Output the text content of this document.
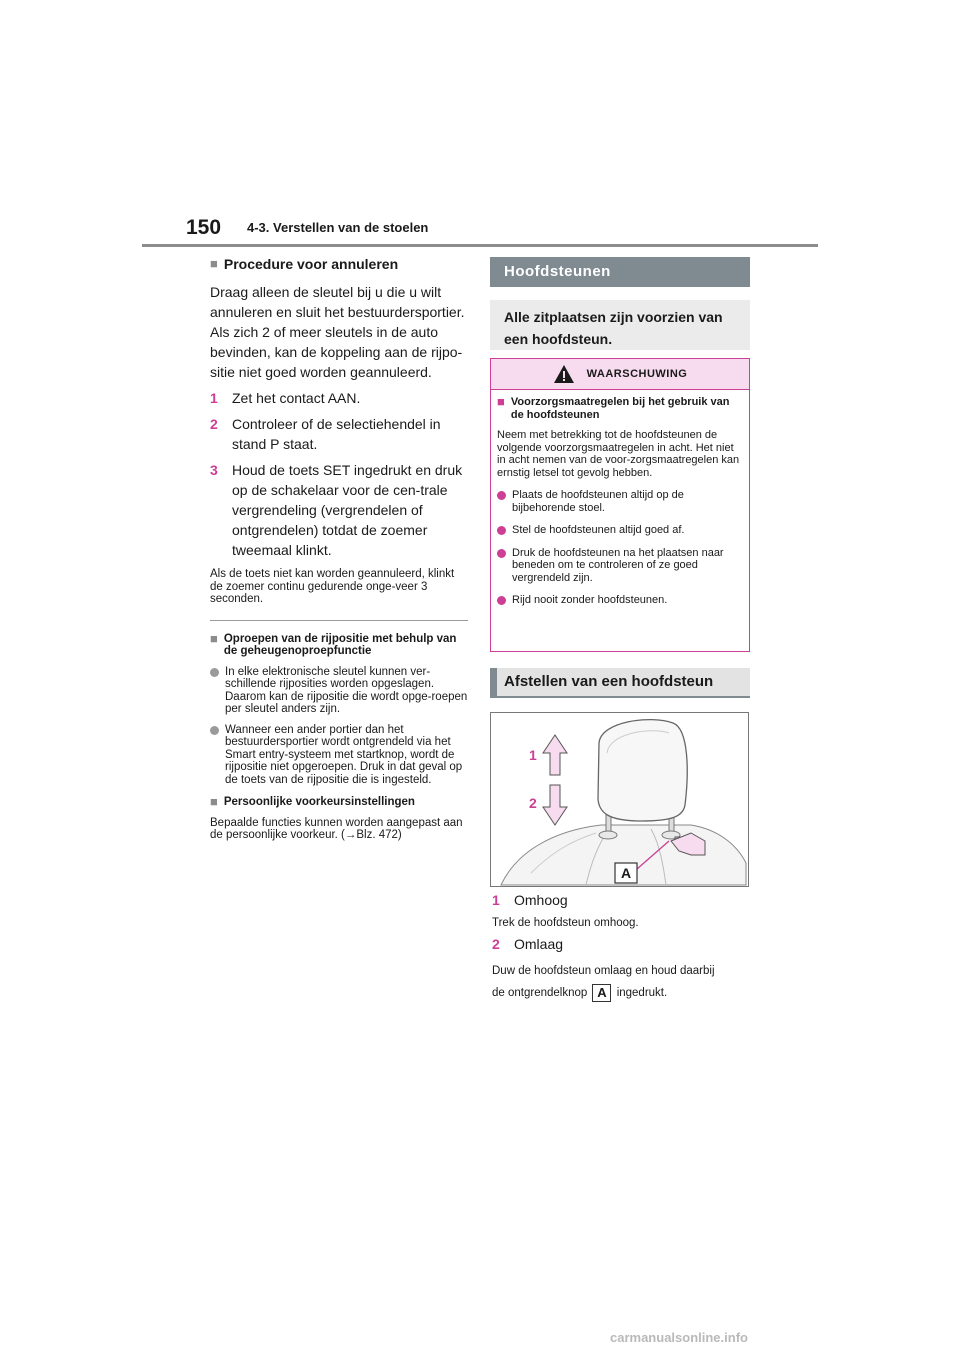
150 4-3. Verstellen van de stoelen
■ Procedure voor annuleren

Draag alleen de sleutel bij u die u wilt annuleren en sluit het bestuurdersportier. Als zich 2 of meer sleutels in de auto bevinden, kan de koppeling aan de rijpo-sitie niet goed worden geannuleerd.

1	Zet het contact AAN.
2	Controleer of de selectiehendel in stand P staat.
3	Houd de toets SET ingedrukt en druk op de schakelaar voor de cen-trale vergrendeling (vergrendelen of ontgrendelen) totdat de zoemer tweemaal klinkt.

Als de toets niet kan worden geannuleerd, klinkt de zoemer continu gedurende onge-veer 3 seconden.

■ Oproepen van de rijpositie met behulp van de geheugenoproepfunctie
In elke elektronische sleutel kunnen ver-schillende rijposities worden opgeslagen. Daarom kan de rijpositie die wordt opge-roepen per sleutel anders zijn.
Wanneer een ander portier dan het bestuurdersportier wordt ontgrendeld via het Smart entry-systeem met startknop, wordt de rijpositie niet opgeroepen. Druk in dat geval op de toets van de rijpositie die is ingesteld.
■ Persoonlijke voorkeursinstellingen

Bepaalde functies kunnen worden aangepast aan de persoonlijke voorkeur. (→Blz. 472)

Hoofdsteunen
Alle zitplaatsen zijn voorzien van een hoofdsteun.
WAARSCHUWING
■ Voorzorgsmaatregelen bij het gebruik van de hoofdsteunen

Neem met betrekking tot de hoofdsteunen de volgende voorzorgsmaatregelen in acht. Het niet in acht nemen van de voor-zorgsmaatregelen kan ernstig letsel tot gevolg hebben.

Plaats de hoofdsteunen altijd op de bijbehorende stoel.
Stel de hoofdsteunen altijd goed af.
Druk de hoofdsteunen na het plaatsen naar beneden om te controleren of ze goed vergrendeld zijn.
Rijd nooit zonder hoofdsteunen.
Afstellen van een hoofdsteun
A
1
2
1	Omhoog
Trek de hoofdsteun omhoog.
2	Omlaag
Duw de hoofdsteun omlaag en houd daarbij
de ontgrendelknop A ingedrukt.
carmanualsonline.info
